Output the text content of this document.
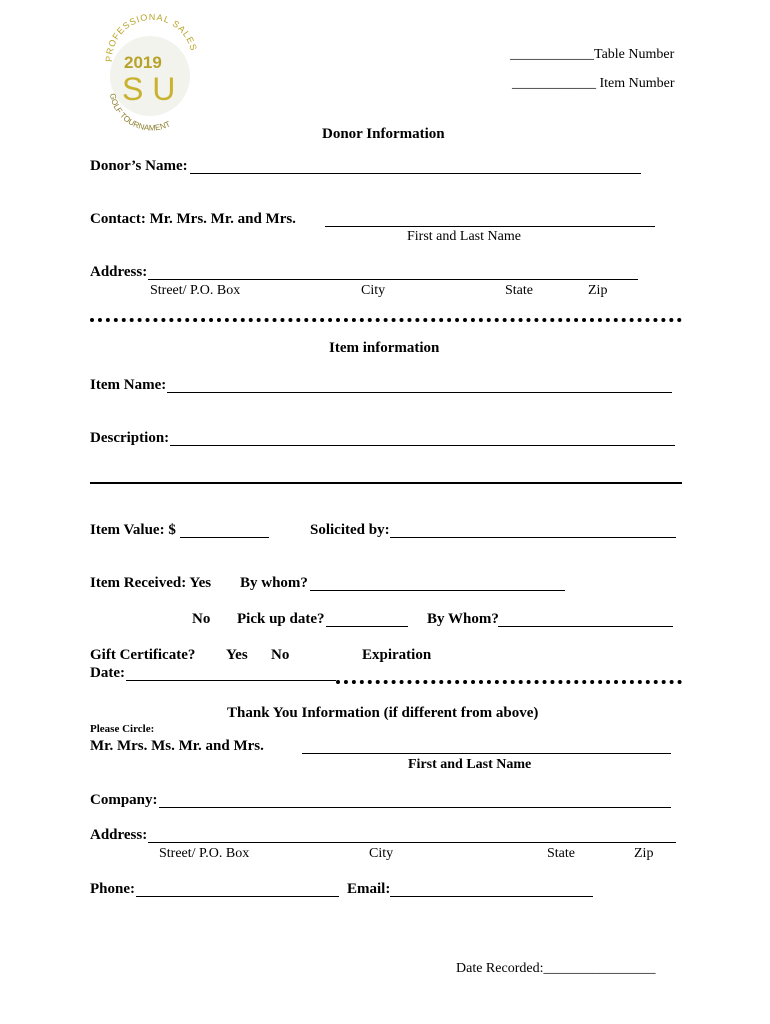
PROFESSIONAL SALES
2019
S U
GOLF TOURNAMENT
____________Table Number
____________ Item Number
Donor Information
Donor’s Name:
Contact: Mr. Mrs. Mr. and Mrs.
First and Last Name
Address:
Street/ P.O. Box	City	State	Zip
Item information
Item Name:
Description:
Item Value: $	Solicited by:
Item Received: Yes By whom?
No Pick up date?	By Whom?
Gift Certificate? Yes No	Expiration
Date:
Thank You Information (if different from above)
Please Circle:
Mr. Mrs. Ms. Mr. and Mrs.
First and Last Name
Company:
Address:
Street/ P.O. Box	City	State	Zip
Phone:	Email:
Date Recorded:________________
